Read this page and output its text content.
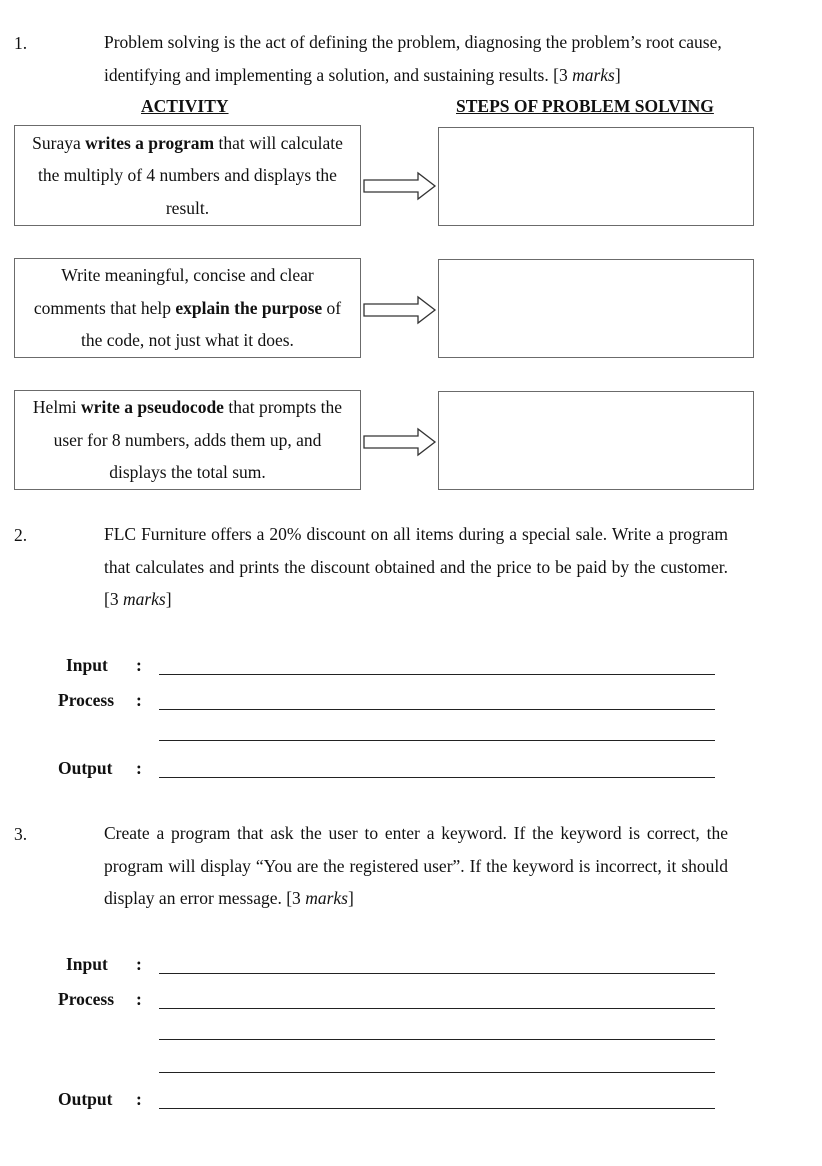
1.	Problem solving is the act of defining the problem, diagnosing the problem’s root cause, identifying and implementing a solution, and sustaining results. [3 marks]
ACTIVITY	STEPS OF PROBLEM SOLVING
Suraya writes a program that will calculate the multiply of 4 numbers and displays the result.
Write meaningful, concise and clear comments that help explain the purpose of the code, not just what it does.
Helmi write a pseudocode that prompts the user for 8 numbers, adds them up, and displays the total sum.
2.	FLC Furniture offers a 20% discount on all items during a special sale. Write a program that calculates and prints the discount obtained and the price to be paid by the customer. [3 marks]
Input :
Process :
Output :
3.	Create a program that ask the user to enter a keyword. If the keyword is correct, the program will display “You are the registered user”. If the keyword is incorrect, it should display an error message. [3 marks]
Input :
Process :
Output :
